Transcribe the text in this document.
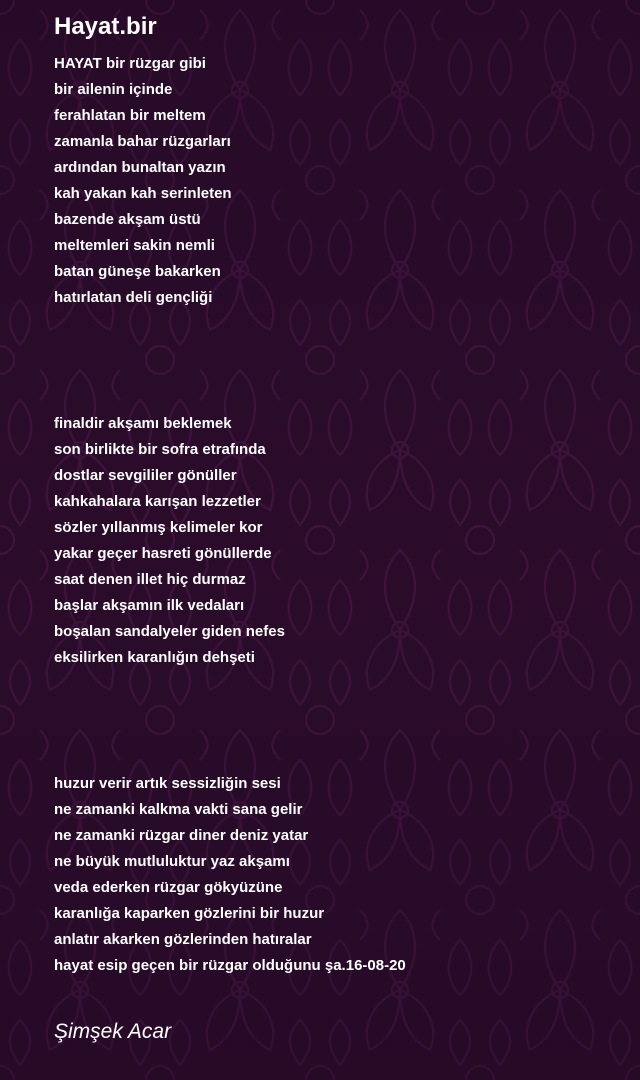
Hayat.bir
HAYAT bir rüzgar gibi
bir ailenin içinde
ferahlatan bir meltem
zamanla bahar rüzgarları
ardından bunaltan yazın
kah yakan kah serinleten
bazende akşam üstü
meltemleri sakin nemli
batan güneşe bakarken
hatırlatan deli gençliği
finaldir akşamı beklemek
son birlikte bir sofra etrafında
dostlar sevgililer gönüller
kahkahalara karışan lezzetler
sözler yıllanmış kelimeler kor
yakar geçer hasreti gönüllerde
saat denen illet hiç durmaz
başlar akşamın ilk vedaları
boşalan sandalyeler giden nefes
eksilirken karanlığın dehşeti
huzur verir artık sessizliğin sesi
ne zamanki kalkma vakti sana gelir
ne zamanki rüzgar diner deniz yatar
ne büyük mutluluktur yaz akşamı
veda ederken rüzgar gökyüzüne
karanlığa kaparken gözlerini bir huzur
anlatır akarken gözlerinden hatıralar
hayat esip geçen bir rüzgar olduğunu şa.16-08-20
Şimşek Acar
